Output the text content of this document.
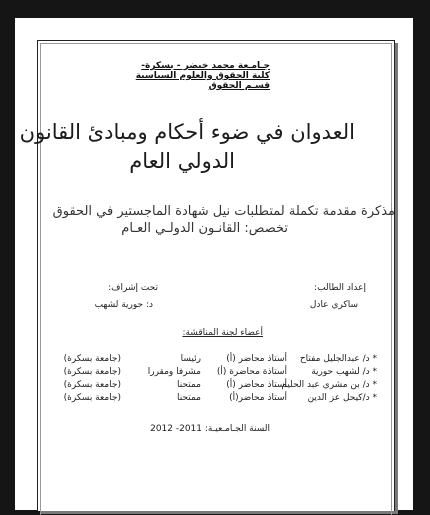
جـامـعة محمد خيضر - بسكرة-
كلية الحقوق والعلوم السياسية
قسـم الحقوق
العدوان في ضوء أحكام ومبادئ القانون
الدولي العام
مذكرة مقدمة تكملة لمتطلبات نيل شهادة الماجستير في الحقوق
تخصص: القانـون الدولـي العـام
إعداد الطالب:
ساكري عادل
تحت إشراف:
د: حورية لشهب
أعضاء لجنة المناقشة:
* د/ عبدالجليل مفتاح
أستاذ محاضر (أ)
رئيسا
(جامعة بسكرة)
* د/ لشهب حورية
أستاذة محاضرة (أ)
مشرفا ومقررا
(جامعة بسكرة)
* د/ بن مشري عبد الحليم
أستاذ محاضر (أ)
ممتحنا
(جامعة بسكرة)
* د/كيحل عز الدين
أستاذ محاضر(أ)
ممتحنا
(جامعة بسكرة)
السنة الجـامـعيـة: 2011- 2012
